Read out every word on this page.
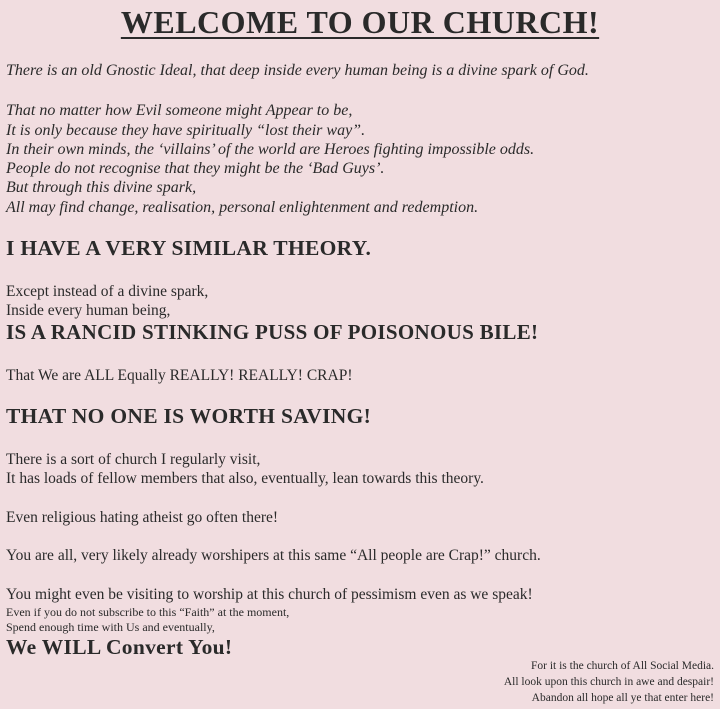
WELCOME TO OUR CHURCH!
There is an old Gnostic Ideal, that deep inside every human being is a divine spark of God.
That no matter how Evil someone might Appear to be,
It is only because they have spiritually “lost their way”.
In their own minds, the ‘villains’ of the world are Heroes fighting impossible odds.
People do not recognise that they might be the ‘Bad Guys’.
But through this divine spark,
All may find change, realisation, personal enlightenment and redemption.
I HAVE A VERY SIMILAR THEORY.
Except instead of a divine spark,
Inside every human being,
IS A RANCID STINKING PUSS OF POISONOUS BILE!
That We are ALL Equally REALLY! REALLY! CRAP!
THAT NO ONE IS WORTH SAVING!
There is a sort of church I regularly visit,
It has loads of fellow members that also, eventually, lean towards this theory.
Even religious hating atheist go often there!
You are all, very likely already worshipers at this same “All people are Crap!” church.
You might even be visiting to worship at this church of pessimism even as we speak!
Even if you do not subscribe to this “Faith” at the moment,
Spend enough time with Us and eventually,
We WILL Convert You!
For it is the church of All Social Media.
All look upon this church in awe and despair!
Abandon all hope all ye that enter here!
